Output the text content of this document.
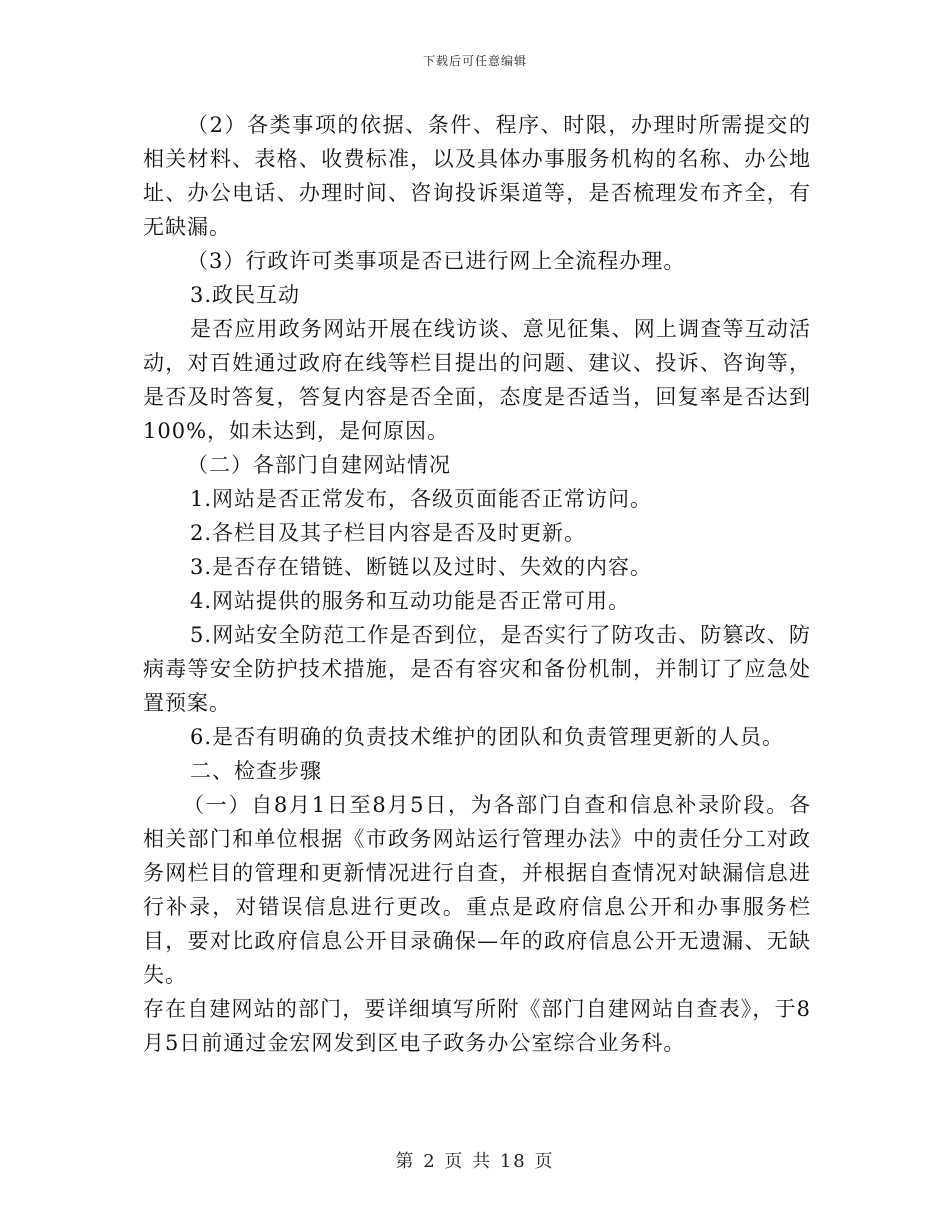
下载后可任意编辑

（2）各类事项的依据、条件、程序、时限，办理时所需提交的相关材料、表格、收费标准，以及具体办事服务机构的名称、办公地址、办公电话、办理时间、咨询投诉渠道等，是否梳理发布齐全，有无缺漏。

（3）行政许可类事项是否已进行网上全流程办理。

3.政民互动

是否应用政务网站开展在线访谈、意见征集、网上调查等互动活动，对百姓通过政府在线等栏目提出的问题、建议、投诉、咨询等，是否及时答复，答复内容是否全面，态度是否适当，回复率是否达到100%，如未达到，是何原因。

（二）各部门自建网站情况

1.网站是否正常发布，各级页面能否正常访问。

2.各栏目及其子栏目内容是否及时更新。

3.是否存在错链、断链以及过时、失效的内容。

4.网站提供的服务和互动功能是否正常可用。

5.网站安全防范工作是否到位，是否实行了防攻击、防篡改、防病毒等安全防护技术措施，是否有容灾和备份机制，并制订了应急处置预案。

6.是否有明确的负责技术维护的团队和负责管理更新的人员。

二、检查步骤

（一）自8月1日至8月5日，为各部门自查和信息补录阶段。各相关部门和单位根据《市政务网站运行管理办法》中的责任分工对政务网栏目的管理和更新情况进行自查，并根据自查情况对缺漏信息进行补录，对错误信息进行更改。重点是政府信息公开和办事服务栏目，要对比政府信息公开目录确保—年的政府信息公开无遗漏、无缺失。

存在自建网站的部门，要详细填写所附《部门自建网站自查表》，于8月5日前通过金宏网发到区电子政务办公室综合业务科。

第 2 页 共 18 页
